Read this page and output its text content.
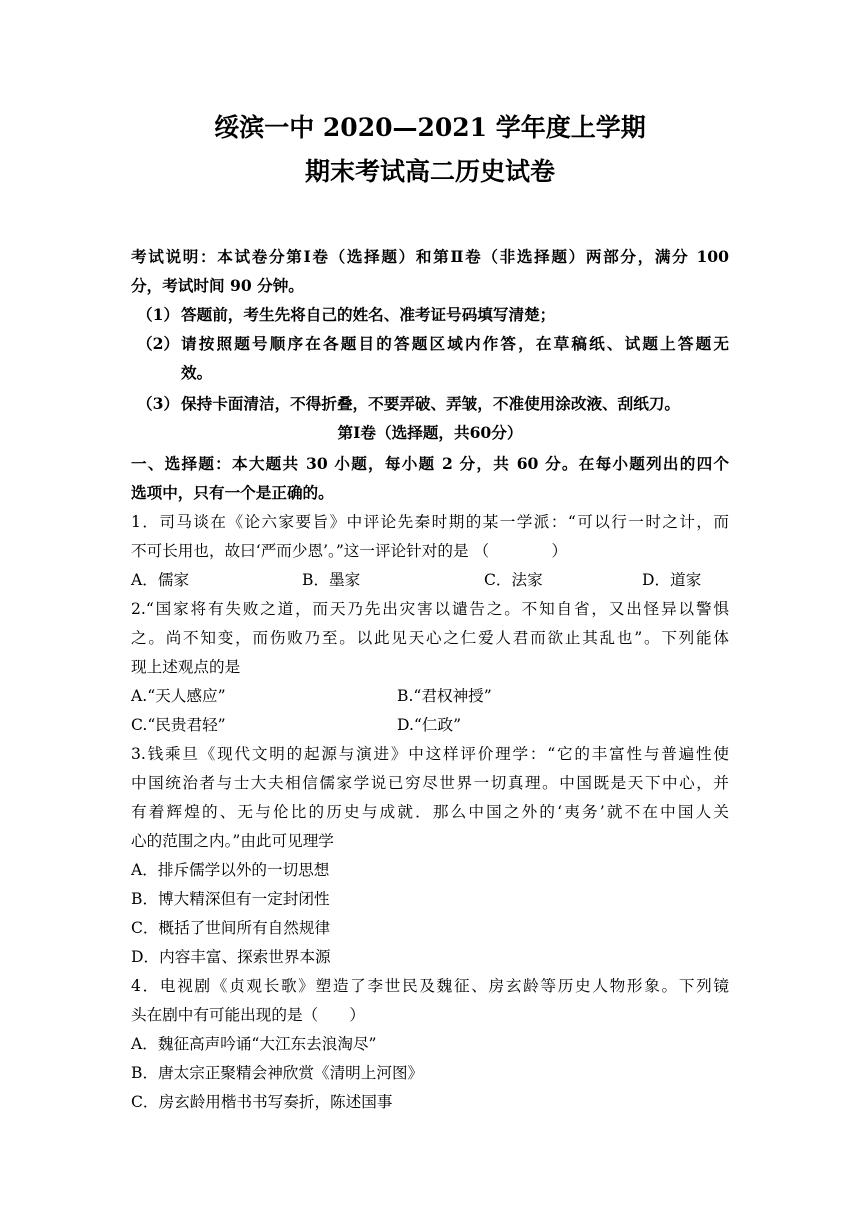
绥滨一中 2020—2021 学年度上学期
期末考试高二历史试卷
考试说明：本试卷分第Ⅰ卷（选择题）和第Ⅱ卷（非选择题）两部分，满分 100
分，考试时间 90 分钟。
（1） 答题前，考生先将自己的姓名、准考证号码填写清楚；
（2） 请按照题号顺序在各题目的答题区域内作答，在草稿纸、试题上答题无
效。
（3） 保持卡面清洁，不得折叠，不要弄破、弄皱，不准使用涂改液、刮纸刀。
第Ⅰ卷（选择题，共60分）
一、选择题：本大题共 30 小题，每小题 2 分，共 60 分。在每小题列出的四个
选项中，只有一个是正确的。
1．司马谈在《论六家要旨》中评论先秦时期的某一学派：“可以行一时之计，而
不可长用也，故曰‘严而少恩’。”这一评论针对的是 （　　　　）
A．儒家	B．墨家	C．法家	D．道家
2.“国家将有失败之道，而天乃先出灾害以谴告之。不知自省，又出怪异以警惧
之。尚不知变，而伤败乃至。以此见天心之仁爱人君而欲止其乱也”。下列能体
现上述观点的是
A.“天人感应”	B.“君权神授”
C.“民贵君轻”	D.“仁政”
3.钱乘旦《现代文明的起源与演进》中这样评价理学：“它的丰富性与普遍性使
中国统治者与士大夫相信儒家学说已穷尽世界一切真理。中国既是天下中心，并
有着辉煌的、无与伦比的历史与成就．那么中国之外的‘夷务’就不在中国人关
心的范围之内。”由此可见理学
A．排斥儒学以外的一切思想
B．博大精深但有一定封闭性
C．概括了世间所有自然规律
D．内容丰富、探索世界本源
4．电视剧《贞观长歌》塑造了李世民及魏征、房玄龄等历史人物形象。下列镜
头在剧中有可能出现的是（　　）
A．魏征高声吟诵“大江东去浪淘尽”
B．唐太宗正聚精会神欣赏《清明上河图》
C．房玄龄用楷书书写奏折，陈述国事
